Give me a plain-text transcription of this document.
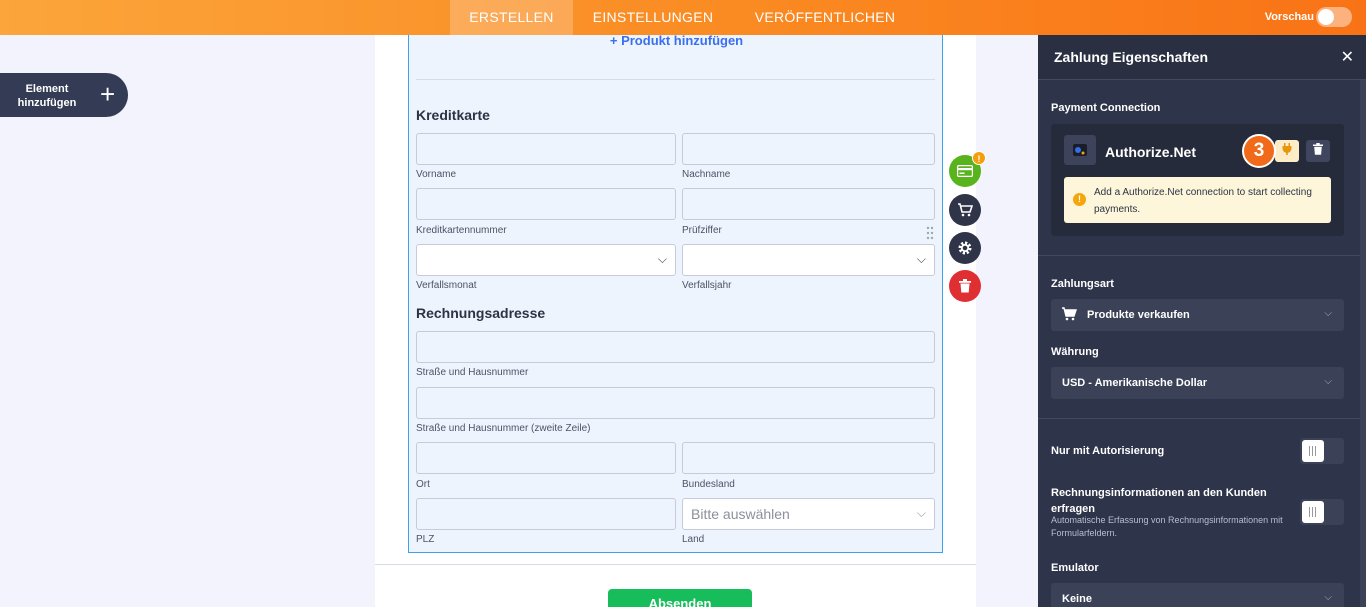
ERSTELLEN	EINSTELLUNGEN	VERÖFFENTLICHEN	Vorschau
Element
hinzufügen +
+ Produkt hinzufügen
Kreditkarte
Vorname	Nachname
Kreditkartennummer	Prüfziffer
⌵	⌵
Verfallsmonat	Verfallsjahr
Rechnungsadresse
Straße und Hausnummer
Straße und Hausnummer (zweite Zeile)
Ort	Bundesland
Bitte auswählen	⌵
PLZ	Land
Absenden
!
Zahlung Eigenschaften	✕
Payment Connection
Authorize.Net	3
!
Add a Authorize.Net connection to start collecting payments.
Zahlungsart
Produkte verkaufen	⌵
Währung
USD - Amerikanische Dollar	⌵
Nur mit Autorisierung
Rechnungsinformationen an den Kunden erfragen
Automatische Erfassung von Rechnungsinformationen mit Formularfeldern.
Emulator
Keine	⌵
